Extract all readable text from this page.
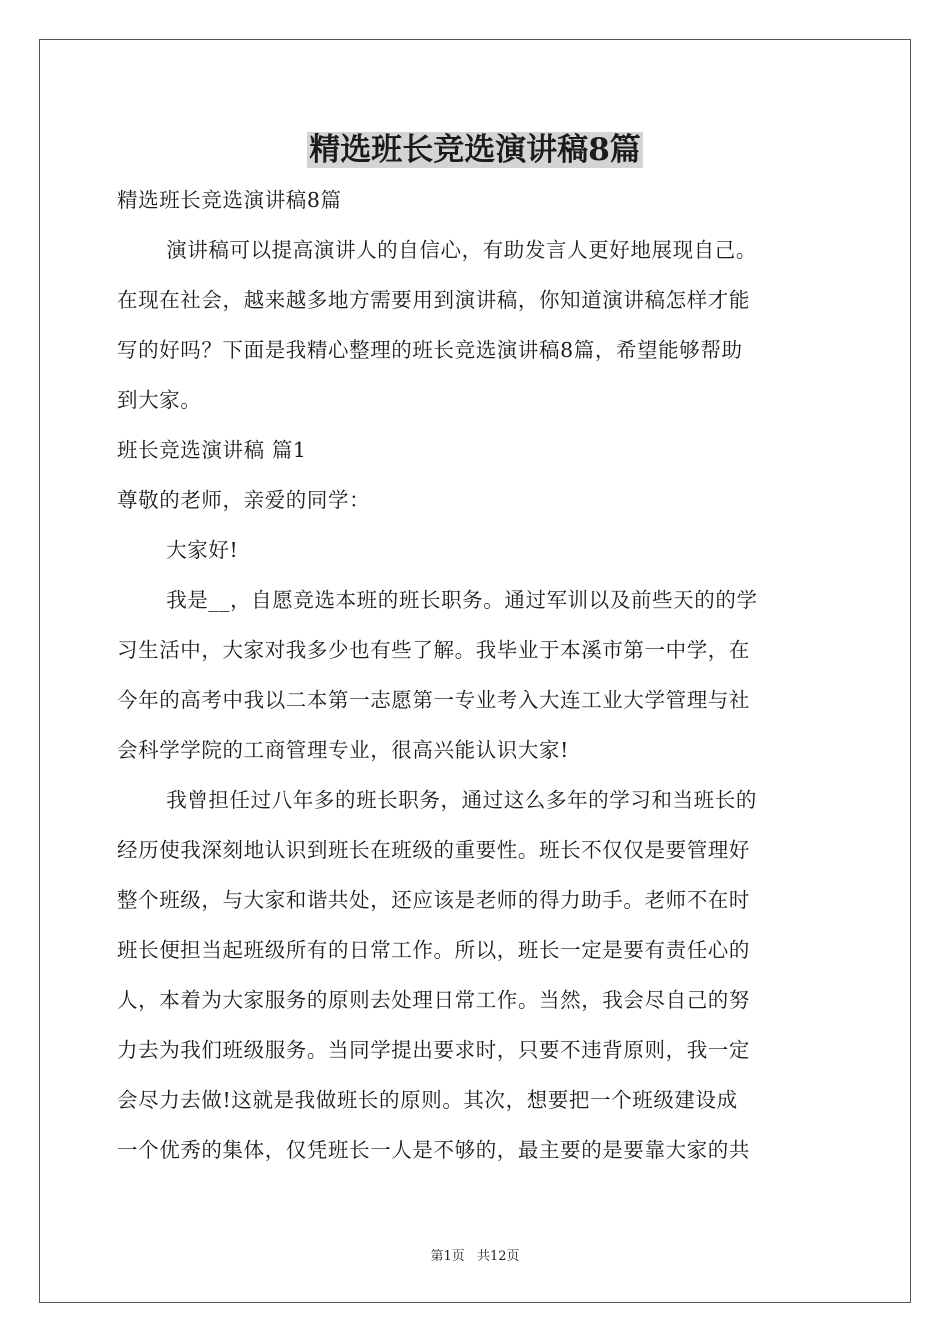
精选班长竞选演讲稿8篇

精选班长竞选演讲稿8篇

演讲稿可以提高演讲人的自信心，有助发言人更好地展现自己。

在现在社会，越来越多地方需要用到演讲稿，你知道演讲稿怎样才能

写的好吗？下面是我精心整理的班长竞选演讲稿8篇，希望能够帮助

到大家。

班长竞选演讲稿 篇1

尊敬的老师，亲爱的同学：

大家好!

我是__，自愿竞选本班的班长职务。通过军训以及前些天的的学

习生活中，大家对我多少也有些了解。我毕业于本溪市第一中学，在

今年的高考中我以二本第一志愿第一专业考入大连工业大学管理与社

会科学学院的工商管理专业，很高兴能认识大家!

我曾担任过八年多的班长职务，通过这么多年的学习和当班长的

经历使我深刻地认识到班长在班级的重要性。班长不仅仅是要管理好

整个班级，与大家和谐共处，还应该是老师的得力助手。老师不在时

班长便担当起班级所有的日常工作。所以，班长一定是要有责任心的

人，本着为大家服务的原则去处理日常工作。当然，我会尽自己的努

力去为我们班级服务。当同学提出要求时，只要不违背原则，我一定

会尽力去做!这就是我做班长的原则。其次，想要把一个班级建设成

一个优秀的集体，仅凭班长一人是不够的，最主要的是要靠大家的共

第1页 共12页
